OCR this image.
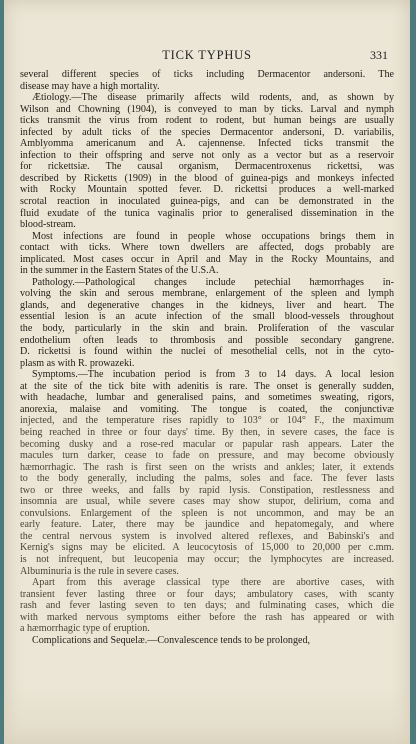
TICK TYPHUS	331
several different species of ticks including Dermacentor andersoni. The
disease may have a high mortality.
Ætiology.—The disease primarily affects wild rodents, and, as shown by
Wilson and Chowning (1904), is conveyed to man by ticks. Larval and nymph
ticks transmit the virus from rodent to rodent, but human beings are usually
infected by adult ticks of the species Dermacentor andersoni, D. variabilis,
Amblyomma americanum and A. cajennense. Infected ticks transmit the
infection to their offspring and serve not only as a vector but as a reservoir
for rickettsiæ. The causal organism, Dermacentroxenus rickettsi, was
described by Ricketts (1909) in the blood of guinea-pigs and monkeys infected
with Rocky Mountain spotted fever. D. rickettsi produces a well-marked
scrotal reaction in inoculated guinea-pigs, and can be demonstrated in the
fluid exudate of the tunica vaginalis prior to generalised dissemination in the
blood-stream.
Most infections are found in people whose occupations brings them in
contact with ticks. Where town dwellers are affected, dogs probably are
implicated. Most cases occur in April and May in the Rocky Mountains, and
in the summer in the Eastern States of the U.S.A.
Pathology.—Pathological changes include petechial hæmorrhages in-
volving the skin and serous membrane, enlargement of the spleen and lymph
glands, and degenerative changes in the kidneys, liver and heart. The
essential lesion is an acute infection of the small blood-vessels throughout
the body, particularly in the skin and brain. Proliferation of the vascular
endothelium often leads to thrombosis and possible secondary gangrene.
D. rickettsi is found within the nuclei of mesothelial cells, not in the cyto-
plasm as with R. prowazeki.
Symptoms.—The incubation period is from 3 to 14 days. A local lesion
at the site of the tick bite with adenitis is rare. The onset is generally sudden,
with headache, lumbar and generalised pains, and sometimes sweating, rigors,
anorexia, malaise and vomiting. The tongue is coated, the conjunctivæ
injected, and the temperature rises rapidly to 103° or 104° F., the maximum
being reached in three or four days' time. By then, in severe cases, the face is
becoming dusky and a rose-red macular or papular rash appears. Later the
macules turn darker, cease to fade on pressure, and may become obviously
hæmorrhagic. The rash is first seen on the wrists and ankles; later, it extends
to the body generally, including the palms, soles and face. The fever lasts
two or three weeks, and falls by rapid lysis. Constipation, restlessness and
insomnia are usual, while severe cases may show stupor, delirium, coma and
convulsions. Enlargement of the spleen is not uncommon, and may be an
early feature. Later, there may be jaundice and hepatomegaly, and where
the central nervous system is involved altered reflexes, and Babinski's and
Kernig's signs may be elicited. A leucocytosis of 15,000 to 20,000 per c.mm.
is not infrequent, but leucopenia may occur; the lymphocytes are increased.
Albuminuria is the rule in severe cases.
Apart from this average classical type there are abortive cases, with
transient fever lasting three or four days; ambulatory cases, with scanty
rash and fever lasting seven to ten days; and fulminating cases, which die
with marked nervous symptoms either before the rash has appeared or with
a hæmorrhagic type of eruption.
Complications and Sequelæ.—Convalescence tends to be prolonged,
